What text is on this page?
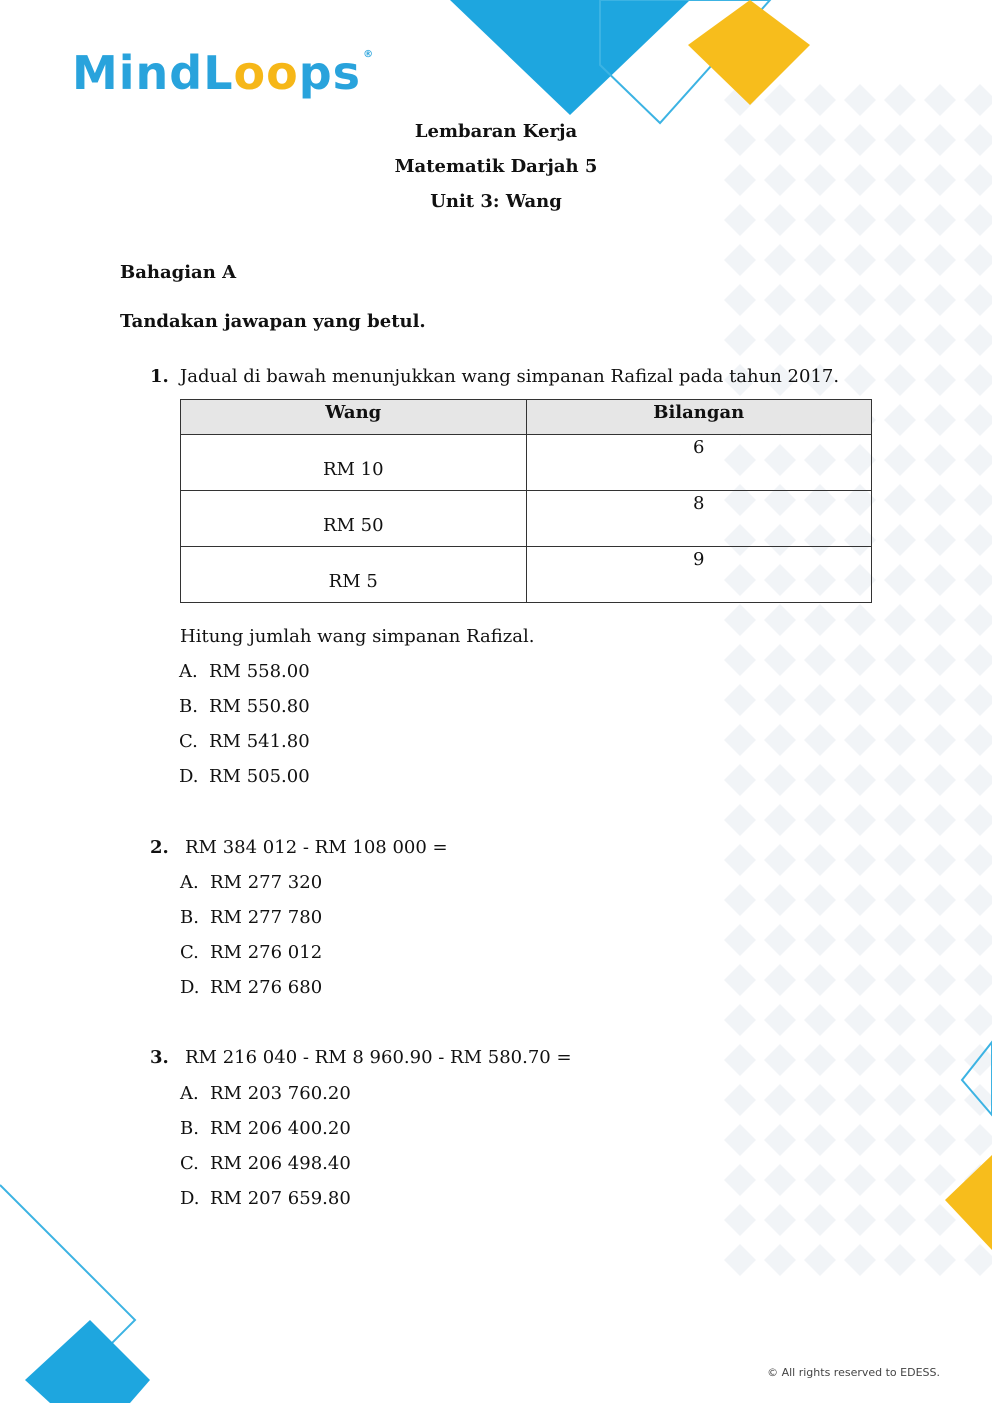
MindLoops ®
Lembaran Kerja
Matematik Darjah 5
Unit 3: Wang
Bahagian A
Tandakan jawapan yang betul.
1. Jadual di bawah menunjukkan wang simpanan Rafizal pada tahun 2017.
Wang	Bilangan

RM 10	6

RM 50	8

RM 5	9
Hitung jumlah wang simpanan Rafizal.
A. RM 558.00
B. RM 550.80
C. RM 541.80
D. RM 505.00
2. RM 384 012 - RM 108 000 =
A. RM 277 320
B. RM 277 780
C. RM 276 012
D. RM 276 680
3. RM 216 040 - RM 8 960.90 - RM 580.70 =
A. RM 203 760.20
B. RM 206 400.20
C. RM 206 498.40
D. RM 207 659.80
© All rights reserved to EDESS.
